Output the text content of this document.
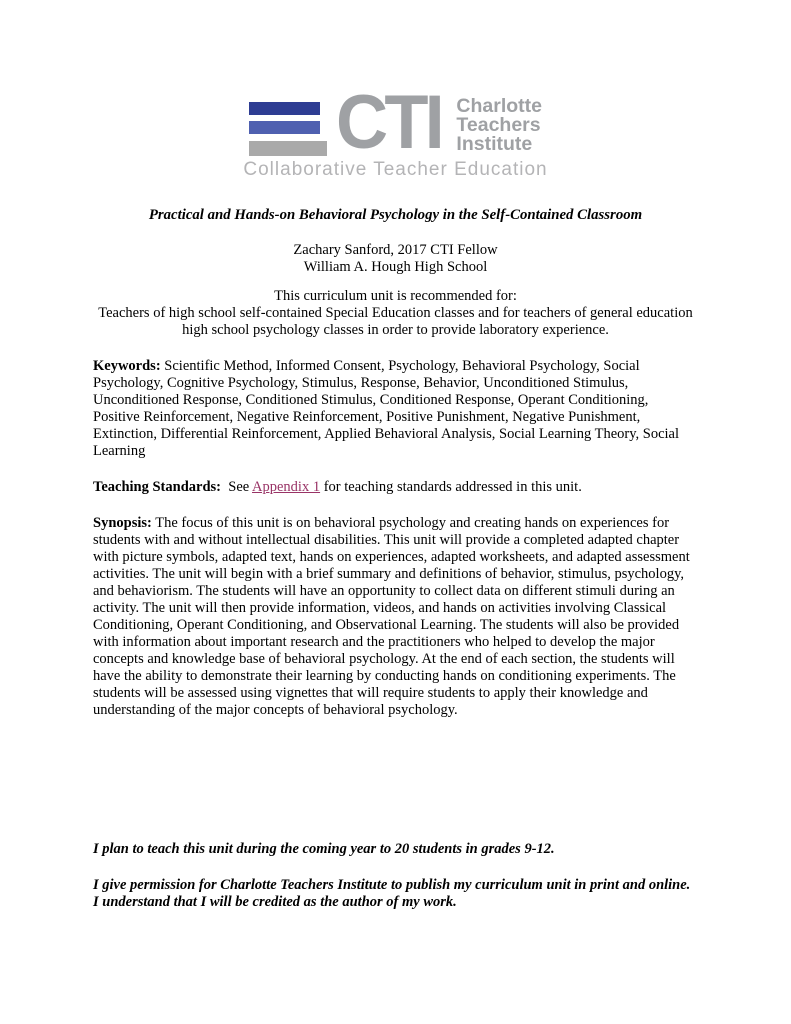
CTI Charlotte
Teachers
Institute
Collaborative Teacher Education
Practical and Hands-on Behavioral Psychology in the Self-Contained Classroom
Zachary Sanford, 2017 CTI Fellow
William A. Hough High School
This curriculum unit is recommended for:
Teachers of high school self-contained Special Education classes and for teachers of general education high school psychology classes in order to provide laboratory experience.

Keywords: Scientific Method, Informed Consent, Psychology, Behavioral Psychology, Social Psychology, Cognitive Psychology, Stimulus, Response, Behavior, Unconditioned Stimulus, Unconditioned Response, Conditioned Stimulus, Conditioned Response, Operant Conditioning, Positive Reinforcement, Negative Reinforcement, Positive Punishment, Negative Punishment, Extinction, Differential Reinforcement, Applied Behavioral Analysis, Social Learning Theory, Social Learning

Teaching Standards: See Appendix 1 for teaching standards addressed in this unit.

Synopsis: The focus of this unit is on behavioral psychology and creating hands on experiences for students with and without intellectual disabilities. This unit will provide a completed adapted chapter with picture symbols, adapted text, hands on experiences, adapted worksheets, and adapted assessment activities. The unit will begin with a brief summary and definitions of behavior, stimulus, psychology, and behaviorism. The students will have an opportunity to collect data on different stimuli during an activity. The unit will then provide information, videos, and hands on activities involving Classical Conditioning, Operant Conditioning, and Observational Learning. The students will also be provided with information about important research and the practitioners who helped to develop the major concepts and knowledge base of behavioral psychology. At the end of each section, the students will have the ability to demonstrate their learning by conducting hands on conditioning experiments. The students will be assessed using vignettes that will require students to apply their knowledge and understanding of the major concepts of behavioral psychology.

I plan to teach this unit during the coming year to 20 students in grades 9-12.

I give permission for Charlotte Teachers Institute to publish my curriculum unit in print and online. I understand that I will be credited as the author of my work.
